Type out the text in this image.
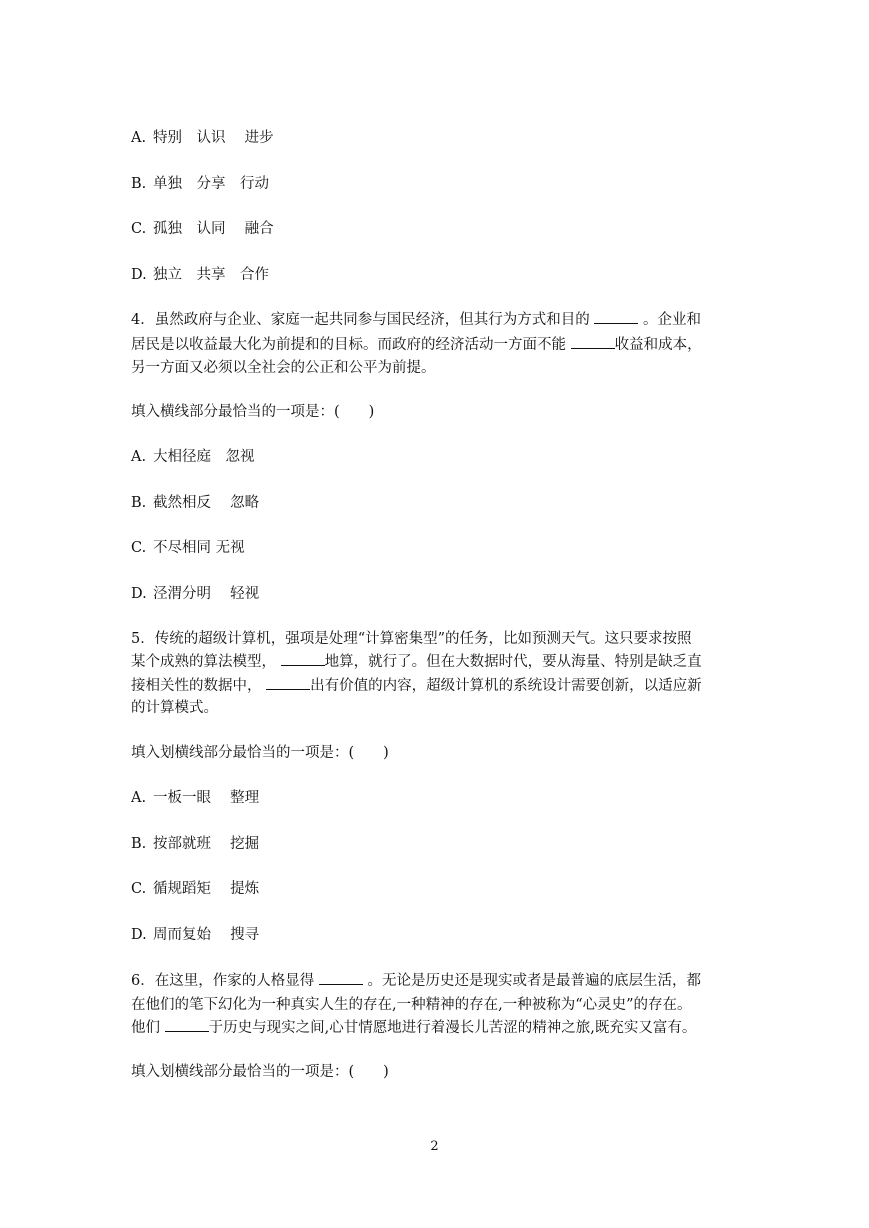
A. 特别　认识　 进步
B. 单独　分享　行动
C. 孤独　认同　 融合
D. 独立　共享　合作
4．虽然政府与企业、家庭一起共同参与国民经济，但其行为方式和目的	。企业和
居民是以收益最大化为前提和的目标。而政府的经济活动一方面不能	收益和成本，
另一方面又必须以全社会的公正和公平为前提。
填入横线部分最恰当的一项是：(　　)
A. 大相径庭　忽视
B. 截然相反　 忽略
C. 不尽相同 无视
D. 泾渭分明　 轻视
5．传统的超级计算机，强项是处理“计算密集型”的任务，比如预测天气。这只要求按照
某个成熟的算法模型，	地算，就行了。但在大数据时代，要从海量、特别是缺乏直
接相关性的数据中，	出有价值的内容，超级计算机的系统设计需要创新，以适应新
的计算模式。
填入划横线部分最恰当的一项是：(　　)
A. 一板一眼　 整理
B. 按部就班　 挖掘
C. 循规蹈矩　 提炼
D. 周而复始　 搜寻
6．在这里，作家的人格显得	。无论是历史还是现实或者是最普遍的底层生活，都
在他们的笔下幻化为一种真实人生的存在,一种精神的存在,一种被称为“心灵史”的存在。
他们	于历史与现实之间,心甘情愿地进行着漫长儿苦涩的精神之旅,既充实又富有。
填入划横线部分最恰当的一项是：(　　)
2
